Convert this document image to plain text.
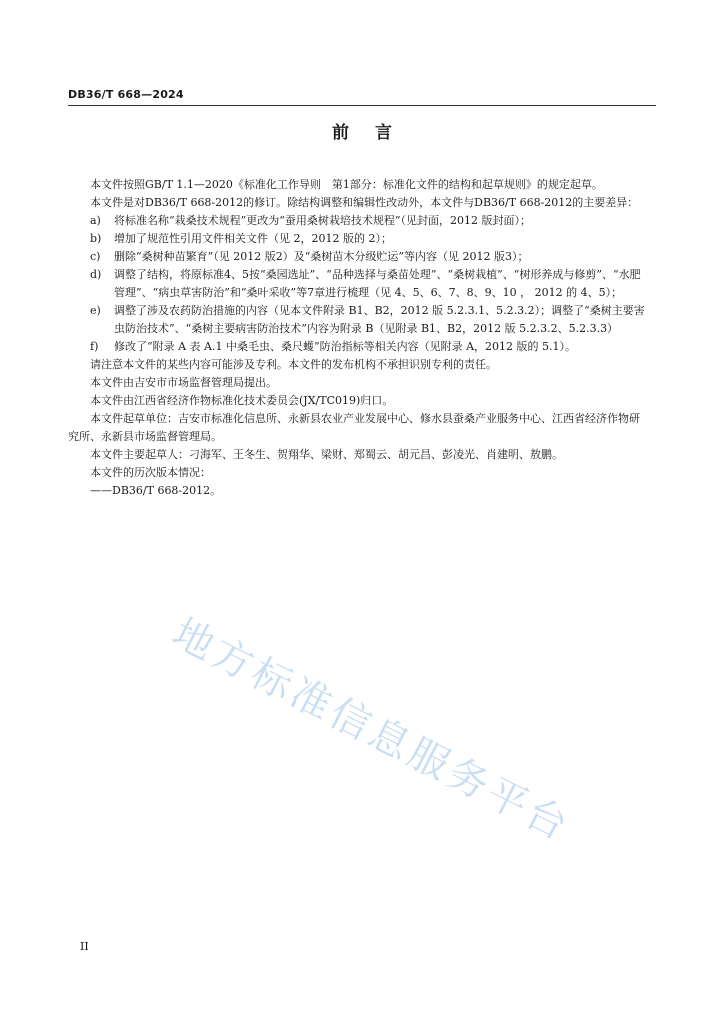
DB36/T 668—2024
前言

本文件按照GB/T 1.1—2020《标准化工作导则　第1部分：标准化文件的结构和起草规则》的规定起草。

本文件是对DB36/T 668-2012的修订。除结构调整和编辑性改动外，本文件与DB36/T 668-2012的主要差异：

a)	将标准名称“栽桑技术规程”更改为“蚕用桑树栽培技术规程”（见封面，2012 版封面）；
b)	增加了规范性引用文件相关文件（见 2，2012 版的 2）；
c)	删除“桑树种苗繁育”（见 2012 版2）及“桑树苗木分级贮运”等内容（见 2012 版3）；
d)	调整了结构，将原标准4、5按“桑园选址”、“品种选择与桑苗处理”、“桑树栽植”、“树形养成与修剪”、“水肥管理”、“病虫草害防治”和“桑叶采收”等7章进行梳理（见 4、5、6、7、8、9、10 ， 2012 的 4、5）；
e)	调整了涉及农药防治措施的内容（见本文件附录 B1、B2，2012 版 5.2.3.1、5.2.3.2）；调整了“桑树主要害虫防治技术”、“桑树主要病害防治技术”内容为附录 B（见附录 B1、B2，2012 版 5.2.3.2、5.2.3.3）
f)	修改了“附录 A 表 A.1 中桑毛虫、桑尺蠖”防治指标等相关内容（见附录 A，2012 版的 5.1）。

请注意本文件的某些内容可能涉及专利。本文件的发布机构不承担识别专利的责任。

本文件由吉安市市场监督管理局提出。

本文件由江西省经济作物标准化技术委员会(JX/TC019)归口。

本文件起草单位：吉安市标准化信息所、永新县农业产业发展中心、修水县蚕桑产业服务中心、江西省经济作物研究所、永新县市场监督管理局。

本文件主要起草人：刁海军、王冬生、贺翔华、梁财、郑蜀云、胡元昌、彭凌光、肖建明、敖鹏。

本文件的历次版本情况：

——DB36/T 668-2012。

地方标准信息服务平台
II
